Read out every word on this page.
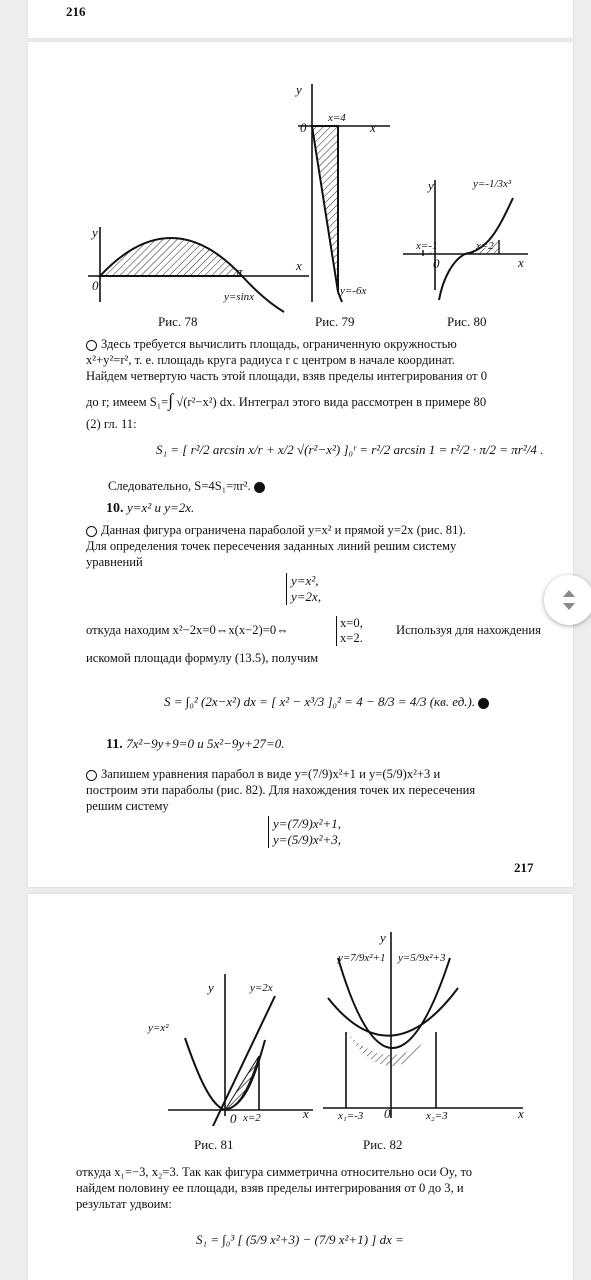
216
y
x
0
π
y=sinx
Рис. 78
y
x
0
x=4
y=-6x
Рис. 79
y
x
0
x=-1	x=2
y=-1/3x³
Рис. 80
Здесь требуется вычислить площадь, ограниченную окружностью
x²+y²=r², т. е. площадь круга радиуса r с центром в начале координат.
Найдем четвертую часть этой площади, взяв пределы интегрирования от 0
до r; имеем S₁=∫ √(r²−x²) dx. Интеграл этого вида рассмотрен в примере 80
(2) гл. 11:
S₁ = [ r²/2 arcsin x/r + x/2 √(r²−x²) ]₀ʳ = r²/2 arcsin 1 = r²/2 · π/2 = πr²/4 .
Следовательно, S=4S₁=πr².
10. y=x² и y=2x.
Данная фигура ограничена параболой y=x² и прямой y=2x (рис. 81).
Для определения точек пересечения заданных линий решим систему
уравнений
y=x²,
y=2x,
откуда находим x²−2x=0⇔x(x−2)=0⇔	x=0,
x=2.
Используя для нахождения
искомой площади формулу (13.5), получим
S = ∫₀² (2x−x²) dx = [ x² − x³/3 ]₀² = 4 − 8/3 = 4/3 (кв. ед.).
11. 7x²−9y+9=0 и 5x²−9y+27=0.
Запишем уравнения парабол в виде y=(7/9)x²+1 и y=(5/9)x²+3 и
построим эти параболы (рис. 82). Для нахождения точек их пересечения
решим систему
y=(7/9)x²+1,
y=(5/9)x²+3,
217
y
x
0
y=x²
y=2x
x=2
Рис. 81
y
x
0
y=7/9x²+1 y=5/9x²+3
x₁=-3	x₂=3
Рис. 82
откуда x₁=−3, x₂=3. Так как фигура симметрична относительно оси Oy, то
найдем половину ее площади, взяв пределы интегрирования от 0 до 3, и
результат удвоим:
S₁ = ∫₀³ [ (5/9 x²+3) − (7/9 x²+1) ] dx =
